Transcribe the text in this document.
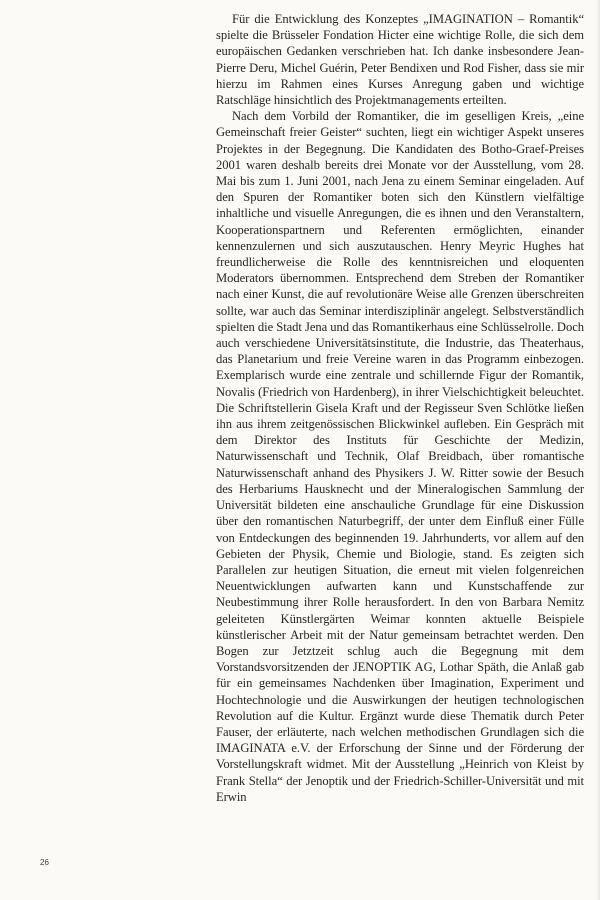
Für die Entwicklung des Konzeptes „IMAGINATION – Romantik“ spielte die Brüsseler Fondation Hicter eine wichtige Rolle, die sich dem europäischen Gedanken verschrieben hat. Ich danke insbesondere Jean-Pierre Deru, Michel Guérin, Peter Bendixen und Rod Fisher, dass sie mir hierzu im Rahmen eines Kurses Anregung gaben und wichtige Ratschläge hinsichtlich des Projektmanagements erteilten.

Nach dem Vorbild der Romantiker, die im geselligen Kreis, „eine Gemeinschaft freier Geister“ suchten, liegt ein wichtiger Aspekt unseres Projektes in der Begegnung. Die Kandidaten des Botho-Graef-Preises 2001 waren deshalb bereits drei Monate vor der Ausstellung, vom 28. Mai bis zum 1. Juni 2001, nach Jena zu einem Seminar eingeladen. Auf den Spuren der Romantiker boten sich den Künstlern vielfältige inhaltliche und visuelle Anregungen, die es ihnen und den Veranstaltern, Kooperationspartnern und Referenten ermöglichten, einander kennenzulernen und sich auszutauschen. Henry Meyric Hughes hat freundlicherweise die Rolle des kenntnisreichen und eloquenten Moderators übernommen. Entsprechend dem Streben der Romantiker nach einer Kunst, die auf revolutionäre Weise alle Grenzen überschreiten sollte, war auch das Seminar interdisziplinär angelegt. Selbstverständlich spielten die Stadt Jena und das Romantikerhaus eine Schlüsselrolle. Doch auch verschiedene Universitätsinstitute, die Industrie, das Theaterhaus, das Planetarium und freie Vereine waren in das Programm einbezogen. Exemplarisch wurde eine zentrale und schillernde Figur der Romantik, Novalis (Friedrich von Hardenberg), in ihrer Vielschichtigkeit beleuchtet. Die Schriftstellerin Gisela Kraft und der Regisseur Sven Schlötke ließen ihn aus ihrem zeitgenössischen Blickwinkel aufleben. Ein Gespräch mit dem Direktor des Instituts für Geschichte der Medizin, Naturwissenschaft und Technik, Olaf Breidbach, über romantische Naturwissenschaft anhand des Physikers J. W. Ritter sowie der Besuch des Herbariums Hausknecht und der Mineralogischen Sammlung der Universität bildeten eine anschauliche Grundlage für eine Diskussion über den romantischen Naturbegriff, der unter dem Einfluß einer Fülle von Entdeckungen des beginnenden 19. Jahrhunderts, vor allem auf den Gebieten der Physik, Chemie und Biologie, stand. Es zeigten sich Parallelen zur heutigen Situation, die erneut mit vielen folgenreichen Neuentwicklungen aufwarten kann und Kunstschaffende zur Neubestimmung ihrer Rolle herausfordert. In den von Barbara Nemitz geleiteten Künstlergärten Weimar konnten aktuelle Beispiele künstlerischer Arbeit mit der Natur gemeinsam betrachtet werden. Den Bogen zur Jetztzeit schlug auch die Begegnung mit dem Vorstandsvorsitzenden der JENOPTIK AG, Lothar Späth, die Anlaß gab für ein gemeinsames Nachdenken über Imagination, Experiment und Hochtechnologie und die Auswirkungen der heutigen technologischen Revolution auf die Kultur. Ergänzt wurde diese Thematik durch Peter Fauser, der erläuterte, nach welchen methodischen Grundlagen sich die IMAGINATA e.V. der Erforschung der Sinne und der Förderung der Vorstellungskraft widmet. Mit der Ausstellung „Heinrich von Kleist by Frank Stella“ der Jenoptik und der Friedrich-Schiller-Universität und mit Erwin

26
